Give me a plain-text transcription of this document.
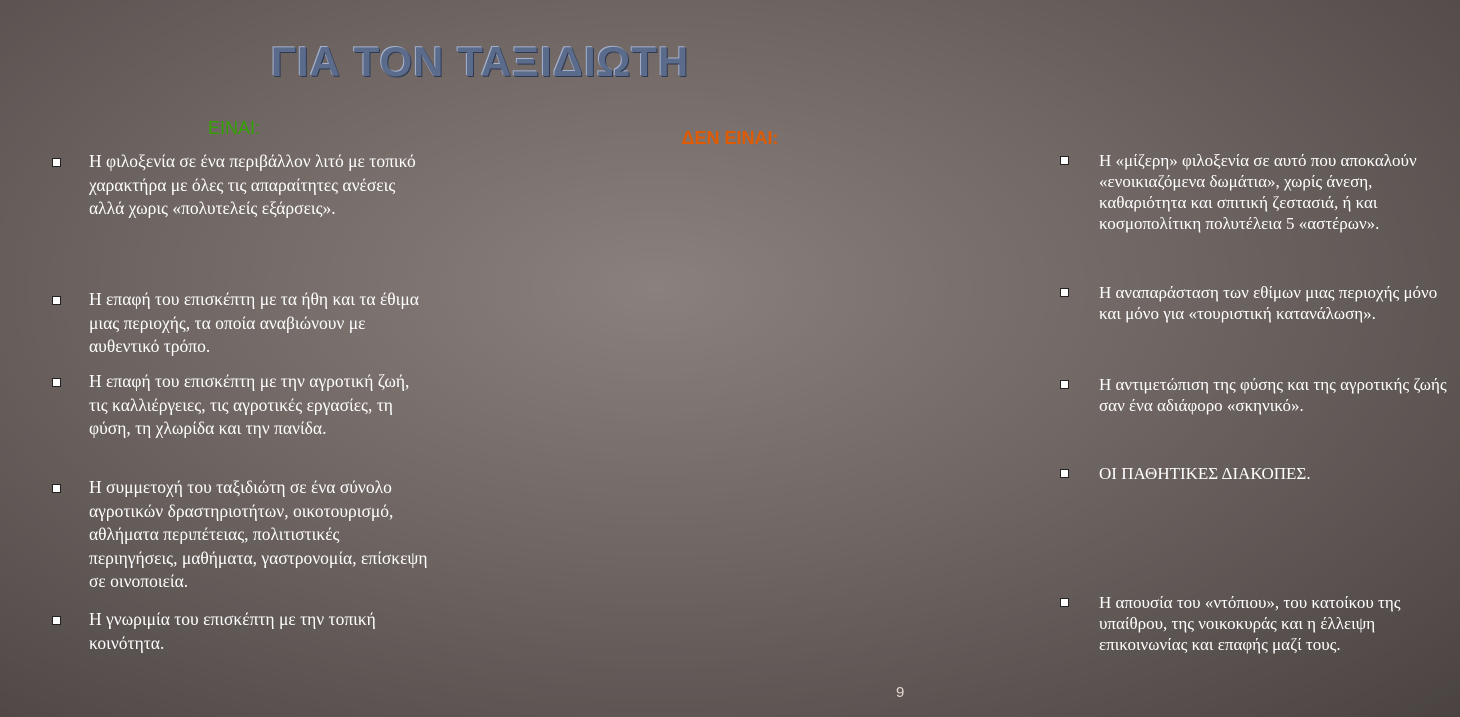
ΓΙΑ ΤΟΝ ΤΑΞΙΔΙΩΤΗ
ΕΙΝΑΙ:
Η φιλοξενία σε ένα περιβάλλον λιτό με τοπικό χαρακτήρα με όλες τις απαραίτητες ανέσεις αλλά χωρις «πολυτελείς εξάρσεις».
Η επαφή του επισκέπτη με τα ήθη και τα έθιμα μιας περιοχής, τα οποία αναβιώνουν με αυθεντικό τρόπο.
Η επαφή του επισκέπτη με την αγροτική ζωή, τις καλλιέργειες, τις αγροτικές εργασίες, τη φύση, τη χλωρίδα και την πανίδα.
Η συμμετοχή του ταξιδιώτη σε ένα σύνολο αγροτικών δραστηριοτήτων, οικοτουρισμό, αθλήματα περιπέτειας, πολιτιστικές περιηγήσεις, μαθήματα, γαστρονομία, επίσκεψη σε οινοποιεία.
Η γνωριμία του επισκέπτη με την τοπική κοινότητα.
ΔΕΝ ΕΙΝΑΙ:
Η «μίζερη» φιλοξενία σε αυτό που αποκαλούν «ενοικιαζόμενα δωμάτια», χωρίς άνεση, καθαριότητα και σπιτική ζεστασιά, ή και κοσμοπολίτικη πολυτέλεια 5 «αστέρων».
Η αναπαράσταση των εθίμων μιας περιοχής μόνο και μόνο για «τουριστική κατανάλωση».
Η αντιμετώπιση της φύσης και της αγροτικής ζωής σαν ένα αδιάφορο «σκηνικό».
ΟΙ ΠΑΘΗΤΙΚΕΣ ΔΙΑΚΟΠΕΣ.
Η απουσία του «ντόπιου», του κατοίκου της υπαίθρου, της νοικοκυράς και η έλλειψη επικοινωνίας και επαφής μαζί τους.
9
